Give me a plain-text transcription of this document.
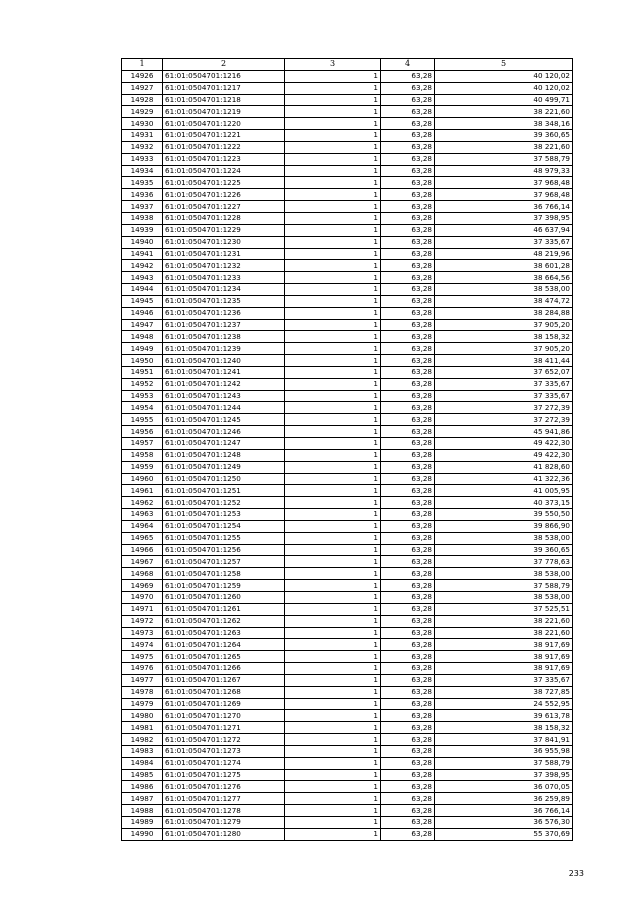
1	2	3	4	5
14926	61:01:0504701:1216	1	63,28	40 120,02
14927	61:01:0504701:1217	1	63,28	40 120,02
14928	61:01:0504701:1218	1	63,28	40 499,71
14929	61:01:0504701:1219	1	63,28	38 221,60
14930	61:01:0504701:1220	1	63,28	38 348,16
14931	61:01:0504701:1221	1	63,28	39 360,65
14932	61:01:0504701:1222	1	63,28	38 221,60
14933	61:01:0504701:1223	1	63,28	37 588,79
14934	61:01:0504701:1224	1	63,28	48 979,33
14935	61:01:0504701:1225	1	63,28	37 968,48
14936	61:01:0504701:1226	1	63,28	37 968,48
14937	61:01:0504701:1227	1	63,28	36 766,14
14938	61:01:0504701:1228	1	63,28	37 398,95
14939	61:01:0504701:1229	1	63,28	46 637,94
14940	61:01:0504701:1230	1	63,28	37 335,67
14941	61:01:0504701:1231	1	63,28	48 219,96
14942	61:01:0504701:1232	1	63,28	38 601,28
14943	61:01:0504701:1233	1	63,28	38 664,56
14944	61:01:0504701:1234	1	63,28	38 538,00
14945	61:01:0504701:1235	1	63,28	38 474,72
14946	61:01:0504701:1236	1	63,28	38 284,88
14947	61:01:0504701:1237	1	63,28	37 905,20
14948	61:01:0504701:1238	1	63,28	38 158,32
14949	61:01:0504701:1239	1	63,28	37 905,20
14950	61:01:0504701:1240	1	63,28	38 411,44
14951	61:01:0504701:1241	1	63,28	37 652,07
14952	61:01:0504701:1242	1	63,28	37 335,67
14953	61:01:0504701:1243	1	63,28	37 335,67
14954	61:01:0504701:1244	1	63,28	37 272,39
14955	61:01:0504701:1245	1	63,28	37 272,39
14956	61:01:0504701:1246	1	63,28	45 941,86
14957	61:01:0504701:1247	1	63,28	49 422,30
14958	61:01:0504701:1248	1	63,28	49 422,30
14959	61:01:0504701:1249	1	63,28	41 828,60
14960	61:01:0504701:1250	1	63,28	41 322,36
14961	61:01:0504701:1251	1	63,28	41 005,95
14962	61:01:0504701:1252	1	63,28	40 373,15
14963	61:01:0504701:1253	1	63,28	39 550,50
14964	61:01:0504701:1254	1	63,28	39 866,90
14965	61:01:0504701:1255	1	63,28	38 538,00
14966	61:01:0504701:1256	1	63,28	39 360,65
14967	61:01:0504701:1257	1	63,28	37 778,63
14968	61:01:0504701:1258	1	63,28	38 538,00
14969	61:01:0504701:1259	1	63,28	37 588,79
14970	61:01:0504701:1260	1	63,28	38 538,00
14971	61:01:0504701:1261	1	63,28	37 525,51
14972	61:01:0504701:1262	1	63,28	38 221,60
14973	61:01:0504701:1263	1	63,28	38 221,60
14974	61:01:0504701:1264	1	63,28	38 917,69
14975	61:01:0504701:1265	1	63,28	38 917,69
14976	61:01:0504701:1266	1	63,28	38 917,69
14977	61:01:0504701:1267	1	63,28	37 335,67
14978	61:01:0504701:1268	1	63,28	38 727,85
14979	61:01:0504701:1269	1	63,28	24 552,95
14980	61:01:0504701:1270	1	63,28	39 613,78
14981	61:01:0504701:1271	1	63,28	38 158,32
14982	61:01:0504701:1272	1	63,28	37 841,91
14983	61:01:0504701:1273	1	63,28	36 955,98
14984	61:01:0504701:1274	1	63,28	37 588,79
14985	61:01:0504701:1275	1	63,28	37 398,95
14986	61:01:0504701:1276	1	63,28	36 070,05
14987	61:01:0504701:1277	1	63,28	36 259,89
14988	61:01:0504701:1278	1	63,28	36 766,14
14989	61:01:0504701:1279	1	63,28	36 576,30
14990	61:01:0504701:1280	1	63,28	55 370,69
233
